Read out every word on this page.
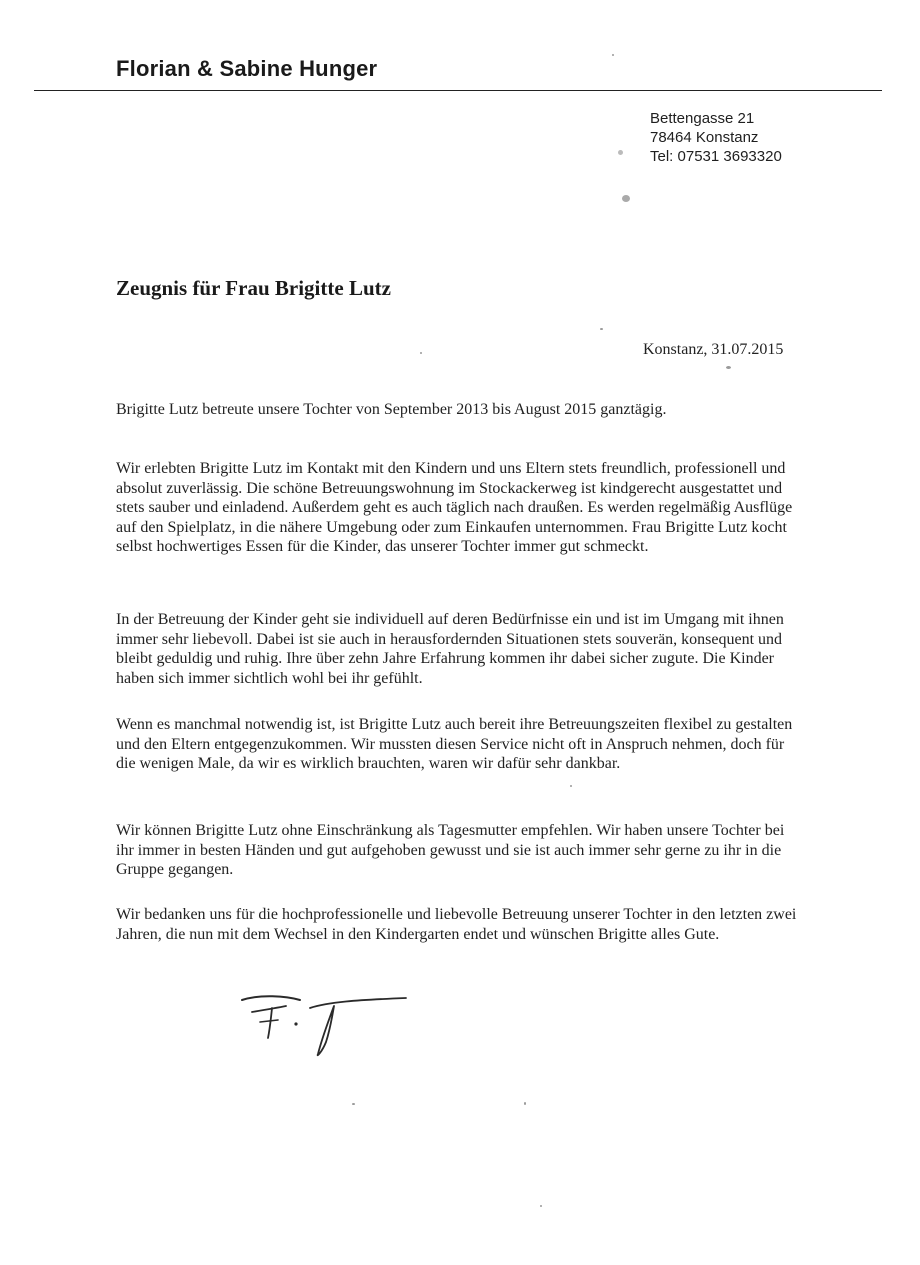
Florian & Sabine Hunger
Bettengasse 21
78464 Konstanz
Tel: 07531 3693320
Zeugnis für Frau Brigitte Lutz
Konstanz, 31.07.2015

Brigitte Lutz betreute unsere Tochter von September 2013 bis August 2015 ganztägig.

Wir erlebten Brigitte Lutz im Kontakt mit den Kindern und uns Eltern stets freundlich, professionell und absolut zuverlässig. Die schöne Betreuungswohnung im Stockackerweg ist kindgerecht ausgestattet und stets sauber und einladend. Außerdem geht es auch täglich nach draußen. Es werden regelmäßig Ausflüge auf den Spielplatz, in die nähere Umgebung oder zum Einkaufen unternommen. Frau Brigitte Lutz kocht selbst hochwertiges Essen für die Kinder, das unserer Tochter immer gut schmeckt.

In der Betreuung der Kinder geht sie individuell auf deren Bedürfnisse ein und ist im Umgang mit ihnen immer sehr liebevoll. Dabei ist sie auch in herausfordernden Situationen stets souverän, konsequent und bleibt geduldig und ruhig. Ihre über zehn Jahre Erfahrung kommen ihr dabei sicher zugute. Die Kinder haben sich immer sichtlich wohl bei ihr gefühlt.

Wenn es manchmal notwendig ist, ist Brigitte Lutz auch bereit ihre Betreuungszeiten flexibel zu gestalten und den Eltern entgegenzukommen. Wir mussten diesen Service nicht oft in Anspruch nehmen, doch für die wenigen Male, da wir es wirklich brauchten, waren wir dafür sehr dankbar.

Wir können Brigitte Lutz ohne Einschränkung als Tagesmutter empfehlen. Wir haben unsere Tochter bei ihr immer in besten Händen und gut aufgehoben gewusst und sie ist auch immer sehr gerne zu ihr in die Gruppe gegangen.

Wir bedanken uns für die hochprofessionelle und liebevolle Betreuung unserer Tochter in den letzten zwei Jahren, die nun mit dem Wechsel in den Kindergarten endet und wünschen Brigitte alles Gute.
